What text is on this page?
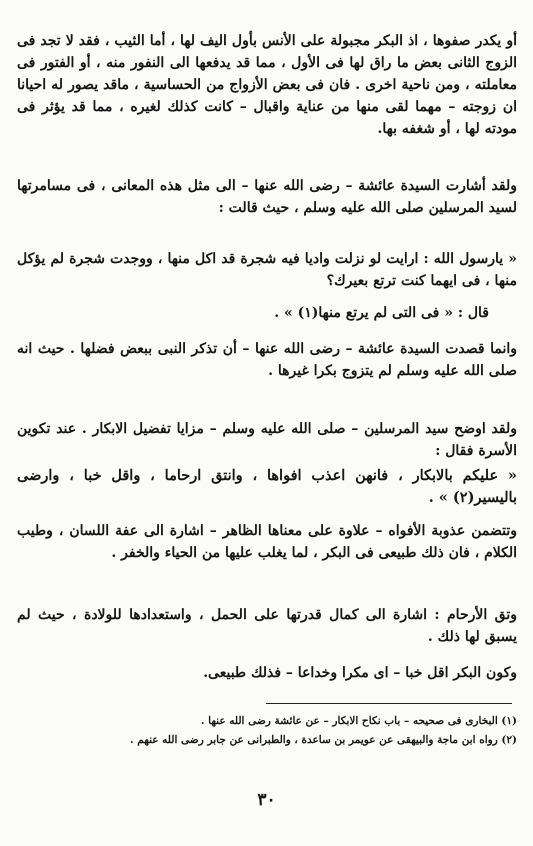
أو يكدر صفوها ، اذ البكر مجبولة على الأنس بأول اليف لها ، أما الثيب ، فقد لا تجد فى الزوج الثانى بعض ما راق لها فى الأول ، مما قد يدفعها الى النفور منه ، أو الفتور فى معاملته ، ومن ناحية اخرى . فان فى بعض الأزواج من الحساسية ، ماقد يصور له احيانا ان زوجته – مهما لقى منها من عناية واقبال – كانت كذلك لغيره ، مما قد يؤثر فى مودته لها ، أو شغفه بها.

ولقد أشارت السيدة عائشة – رضى الله عنها – الى مثل هذه المعانى ، فى مسامرتها لسيد المرسلين صلى الله عليه وسلم ، حيث قالت :

« يارسول الله : ارايت لو نزلت واديا فيه شجرة قد اكل منها ، ووجدت شجرة لم يؤكل منها ، فى ايهما كنت ترتع بعيرك؟

قال : « فى التى لم يرتع منها(١) » .

وانما قصدت السيدة عائشة – رضى الله عنها – أن تذكر النبى ببعض فضلها . حيث انه صلى الله عليه وسلم لم يتزوج بكرا غيرها .

ولقد اوضح سيد المرسلين – صلى الله عليه وسلم – مزايا تفضيل الابكار . عند تكوين الأسرة فقال :

« عليكم بالابكار ، فانهن اعذب افواها ، وانتق ارحاما ، واقل خبا ، وارضى باليسير(٢) » .

وتتضمن عذوبة الأفواه – علاوة على معناها الظاهر – اشارة الى عفة اللسان ، وطيب الكلام ، فان ذلك طبيعى فى البكر ، لما يغلب عليها من الحياء والخفر .

وتق الأرحام : اشارة الى كمال قدرتها على الحمل ، واستعدادها للولادة ، حيث لم يسبق لها ذلك .

وكون البكر اقل خبا – اى مكرا وخداعا – فذلك طبيعى.

(١) البخارى فى صحيحه – باب نكاح الابكار – عن عائشة رضى الله عنها .

(٢) رواه ابن ماجة والبيهقى عن عويمر بن ساعدة ، والطبرانى عن جابر رضى الله عنهم .

٣٠
